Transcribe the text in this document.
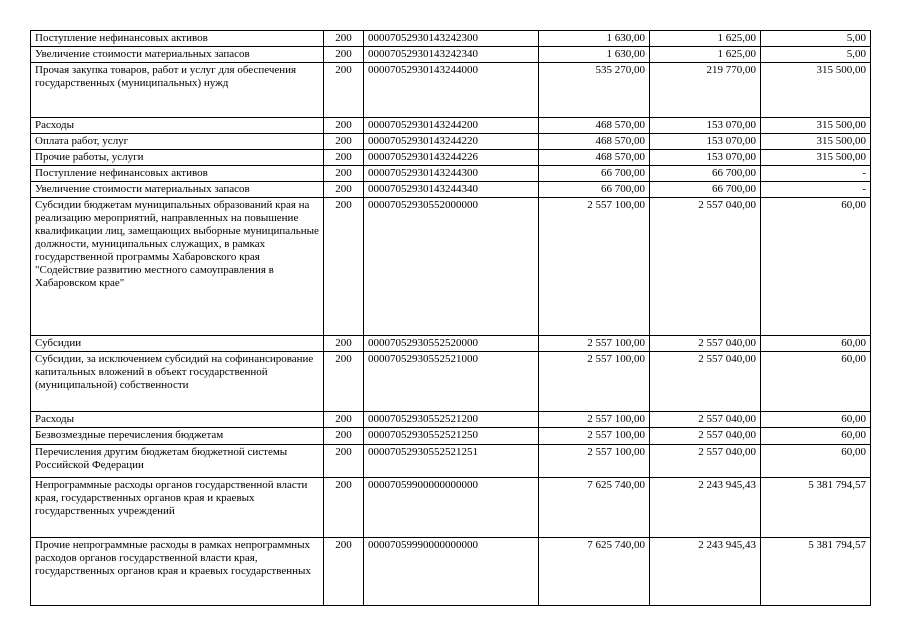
Поступление нефинансовых активов	200	00007052930143242300	1 630,00	1 625,00	5,00
Увеличение стоимости материальных запасов	200	00007052930143242340	1 630,00	1 625,00	5,00
Прочая закупка товаров, работ и услуг для обеспечения государственных (муниципальных) нужд	200	00007052930143244000	535 270,00	219 770,00	315 500,00
Расходы	200	00007052930143244200	468 570,00	153 070,00	315 500,00
Оплата работ, услуг	200	00007052930143244220	468 570,00	153 070,00	315 500,00
Прочие работы, услуги	200	00007052930143244226	468 570,00	153 070,00	315 500,00
Поступление нефинансовых активов	200	00007052930143244300	66 700,00	66 700,00	-
Увеличение стоимости материальных запасов	200	00007052930143244340	66 700,00	66 700,00	-
Субсидии бюджетам муниципальных образований края на реализацию мероприятий, направленных на повышение квалификации лиц, замещающих выборные муниципальные должности, муниципальных служащих, в рамках государственной программы Хабаровского края "Содействие развитию местного самоуправления в Хабаровском крае"	200	00007052930552000000	2 557 100,00	2 557 040,00	60,00
Субсидии	200	00007052930552520000	2 557 100,00	2 557 040,00	60,00
Субсидии, за исключением субсидий на софинансирование капитальных вложений в объект государственной (муниципальной) собственности	200	00007052930552521000	2 557 100,00	2 557 040,00	60,00
Расходы	200	00007052930552521200	2 557 100,00	2 557 040,00	60,00
Безвозмездные перечисления бюджетам	200	00007052930552521250	2 557 100,00	2 557 040,00	60,00
Перечисления другим бюджетам бюджетной системы Российской Федерации	200	00007052930552521251	2 557 100,00	2 557 040,00	60,00
Непрограммные расходы органов государственной власти края, государственных органов края и краевых государственных учреждений	200	00007059900000000000	7 625 740,00	2 243 945,43	5 381 794,57
Прочие непрограммные расходы в рамках непрограммных расходов органов государственной власти края, государственных органов края и краевых государственных	200	00007059990000000000	7 625 740,00	2 243 945,43	5 381 794,57
